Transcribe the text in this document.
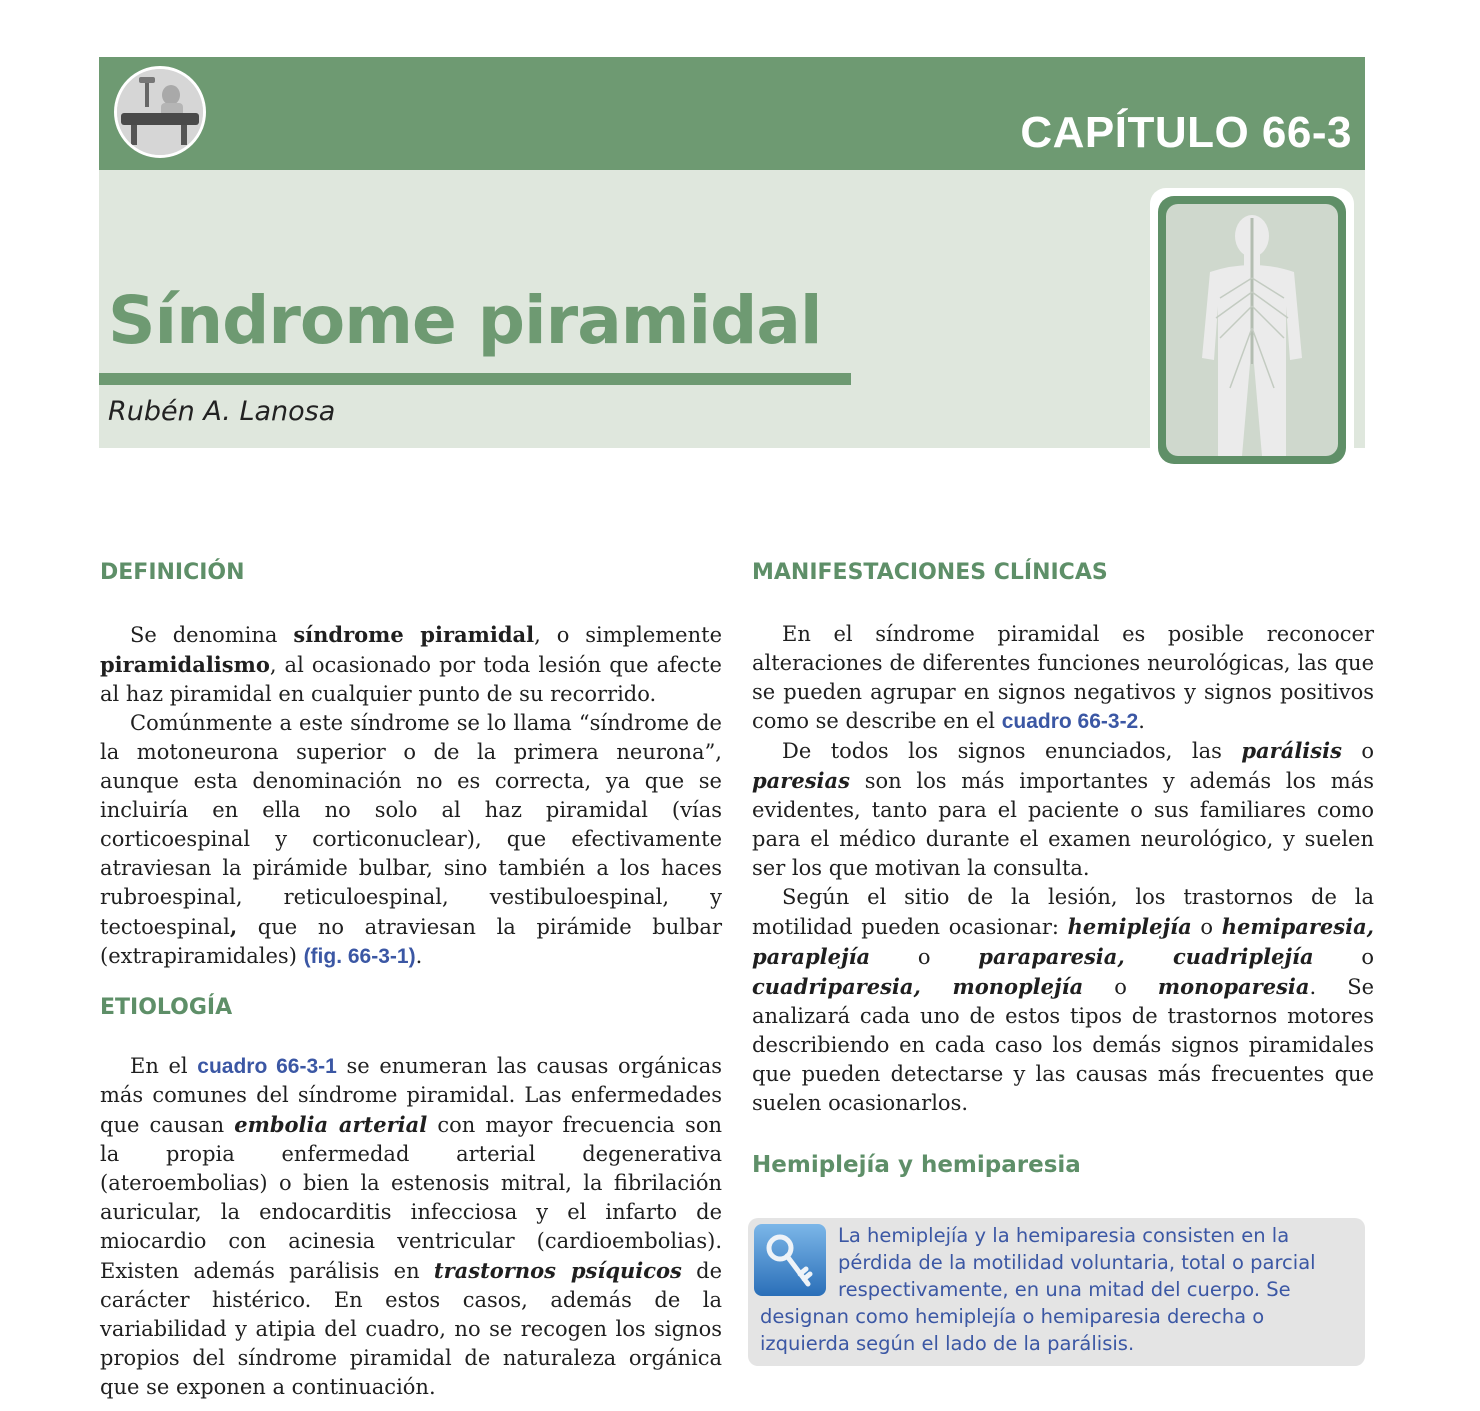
CAPÍTULO 66-3
Síndrome piramidal
Rubén A. Lanosa
DEFINICIÓN

Se denomina síndrome piramidal, o simplemente piramidalismo, al ocasionado por toda lesión que afecte al haz piramidal en cualquier punto de su recorrido.

Comúnmente a este síndrome se lo llama “síndrome de la motoneurona superior o de la primera neurona”, aunque esta denominación no es correcta, ya que se incluiría en ella no solo al haz piramidal (vías corticoespinal y corticonuclear), que efectivamente atraviesan la pirámide bulbar, sino también a los haces rubroespinal, reticuloespinal, vestibuloespinal, y tectoespinal, que no atraviesan la pirámide bulbar (extrapiramidales) (fig. 66-3-1).

ETIOLOGÍA

En el cuadro 66-3-1 se enumeran las causas orgánicas más comunes del síndrome piramidal. Las enfermedades que causan embolia arterial con mayor frecuencia son la propia enfermedad arterial degenerativa (ateroembolias) o bien la estenosis mitral, la fibrilación auricular, la endocarditis infecciosa y el infarto de miocardio con acinesia ventricular (cardioembolias). Existen además parálisis en trastornos psíquicos de carácter histérico. En estos casos, además de la variabilidad y atipia del cuadro, no se recogen los signos propios del síndrome piramidal de naturaleza orgánica que se exponen a continuación.

MANIFESTACIONES CLÍNICAS

En el síndrome piramidal es posible reconocer alteraciones de diferentes funciones neurológicas, las que se pueden agrupar en signos negativos y signos positivos como se describe en el cuadro 66-3-2.

De todos los signos enunciados, las parálisis o paresias son los más importantes y además los más evidentes, tanto para el paciente o sus familiares como para el médico durante el examen neurológico, y suelen ser los que motivan la consulta.

Según el sitio de la lesión, los trastornos de la motilidad pueden ocasionar: hemiplejía o hemiparesia, paraplejía o paraparesia, cuadriplejía o cuadriparesia, monoplejía o monoparesia. Se analizará cada uno de estos tipos de trastornos motores describiendo en cada caso los demás signos piramidales que pueden detectarse y las causas más frecuentes que suelen ocasionarlos.

Hemiplejía y hemiparesia

La hemiplejía y la hemiparesia consisten en la pérdida de la motilidad voluntaria, total o parcial respectivamente, en una mitad del cuerpo. Se designan como hemiplejía o hemiparesia derecha o izquierda según el lado de la parálisis.
